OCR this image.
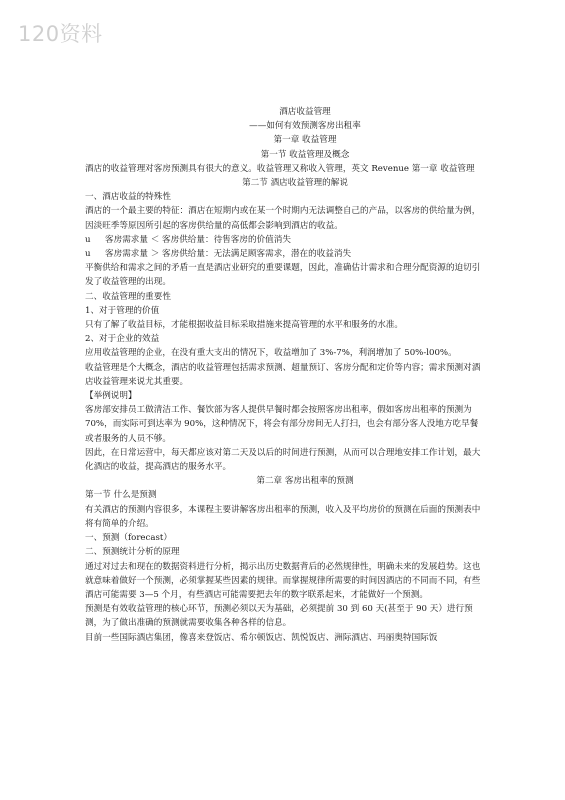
120资料

酒店收益管理

——如何有效预测客房出租率

第一章 收益管理

第一节 收益管理及概念

酒店的收益管理对客房预测具有很大的意义。收益管理又称收入管理，英文 Revenue 第一章 收益管理

第二节 酒店收益管理的解说

一、酒店收益的特殊性

酒店的一个最主要的特征：酒店在短期内或在某一个时期内无法调整自己的产品，以客房的供给量为例，因淡旺季等原因所引起的客房供给量的高低都会影响到酒店的收益。

u	客房需求量 ＜ 客房供给量：待售客房的价值消失
u	客房需求量 ＞ 客房供给量：无法满足顾客需求，潜在的收益消失

平衡供给和需求之间的矛盾一直是酒店业研究的重要课题，因此，准确估计需求和合理分配资源的迫切引发了收益管理的出现。

二、收益管理的重要性

1、对于管理的价值

只有了解了收益目标，才能根据收益目标采取措施来提高管理的水平和服务的水准。

2、对于企业的效益

应用收益管理的企业，在没有重大支出的情况下，收益增加了 3%-7%，利润增加了 50%-l00%。

收益管理是个大概念，酒店的收益管理包括需求预测、超量预订、客房分配和定价等内容；需求预测对酒店收益管理来说尤其重要。

【举例说明】

客房部安排员工做清洁工作、餐饮部为客人提供早餐时都会按照客房出租率，假如客房出租率的预测为 70%，而实际可到达率为 90%，这种情况下，将会有部分房间无人打扫，也会有部分客人没地方吃早餐或者服务的人员不够。

因此，在日常运营中，每天都应该对第二天及以后的时间进行预测，从而可以合理地安排工作计划，最大化酒店的收益，提高酒店的服务水平。

第二章 客房出租率的预测

第一节 什么是预测

有关酒店的预测内容很多，本课程主要讲解客房出租率的预测，收入及平均房价的预测在后面的预测表中将有简单的介绍。

一、预测（forecast）

二、预测统计分析的原理

通过对过去和现在的数据资料进行分析，揭示出历史数据背后的必然规律性，明确未来的发展趋势。这也就意味着做好一个预测，必须掌握某些因素的规律。而掌握规律所需要的时间因酒店的不同而不同，有些酒店可能需要 3—5 个月，有些酒店可能需要把去年的数字联系起来，才能做好一个预测。

预测是有效收益管理的核心环节，预测必须以天为基础，必须提前 30 到 60 天(甚至于 90 天）进行预测，为了做出准确的预测就需要收集各种各样的信息。

目前一些国际酒店集团，像喜来登饭店、希尔顿饭店、凯悦饭店、洲际酒店、玛丽奥特国际饭
